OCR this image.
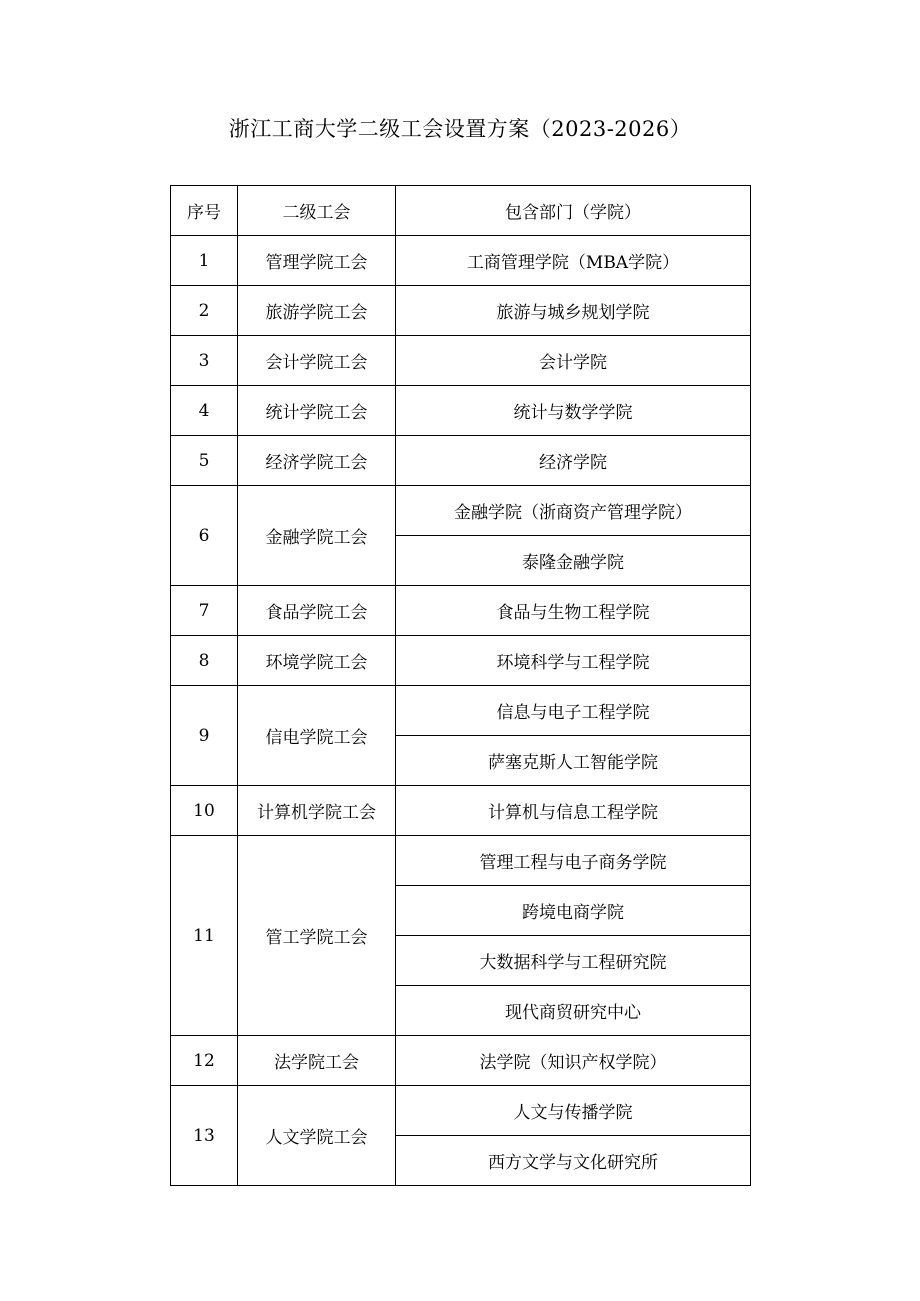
浙江工商大学二级工会设置方案（2023-2026）
序号	二级工会	包含部门（学院）
1	管理学院工会	工商管理学院（MBA学院）
2	旅游学院工会	旅游与城乡规划学院
3	会计学院工会	会计学院
4	统计学院工会	统计与数学学院
5	经济学院工会	经济学院
6	金融学院工会	金融学院（浙商资产管理学院）
		泰隆金融学院
7	食品学院工会	食品与生物工程学院
8	环境学院工会	环境科学与工程学院
9	信电学院工会	信息与电子工程学院
		萨塞克斯人工智能学院
10	计算机学院工会	计算机与信息工程学院
11	管工学院工会	管理工程与电子商务学院
		跨境电商学院
		大数据科学与工程研究院
		现代商贸研究中心
12	法学院工会	法学院（知识产权学院）
13	人文学院工会	人文与传播学院
		西方文学与文化研究所
